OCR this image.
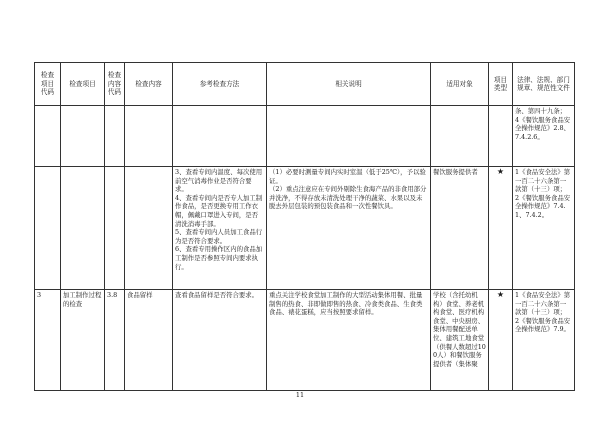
检查
项目
代码	检查项目	检查
内容
代码	检查内容	参考检查方法	相关说明	适用对象	项目
类型	法律、法规、部门
规章、规范性文件

								条、第四十九条；
4《餐饮服务食品安全操作规范》2.8、7.4.2.6。
				3、查看专间内温度、每次使用前空气消毒作业是否符合要求。
4、查看专间内是否专人加工制作食品，是否更换专用工作衣帽，佩戴口罩进入专间，是否清洗消毒手部。
5、查看专间内人员加工食品行为是否符合要求。
6、查看专用操作区内的食品加工制作是否参照专间内要求执行。	（1）必要时测量专间内实时室温（低于25℃），予以验证。
（2）重点注意应在专间外剔除生食海产品的非食用部分并洗净，不得存放未清洗处理干净的蔬菜、水果以及未脱去外层包装的预包装食品和一次性餐饮具。	餐饮服务提供者	★	1《食品安全法》第一百二十六条第一款第（十三）项；
2《餐饮服务食品安全操作规范》7.4.1、7.4.2。
3	加工制作过程的检查	3.8	食品留样	查看食品留样是否符合要求。	重点关注学校食堂加工制作的大型活动集体用餐、批量制售的热食、非即做即售的热食、冷食类食品、生食类食品、裱花蛋糕，应当按照要求留样。	学校（含托幼机构）食堂、养老机构食堂、医疗机构食堂、中央厨房、集体用餐配送单位、建筑工地食堂（供餐人数超过100人）和餐饮服务提供者（集体聚	★	1《食品安全法》第一百二十六条第一款第（十三）项；
2《餐饮服务食品安全操作规范》7.9。
11
